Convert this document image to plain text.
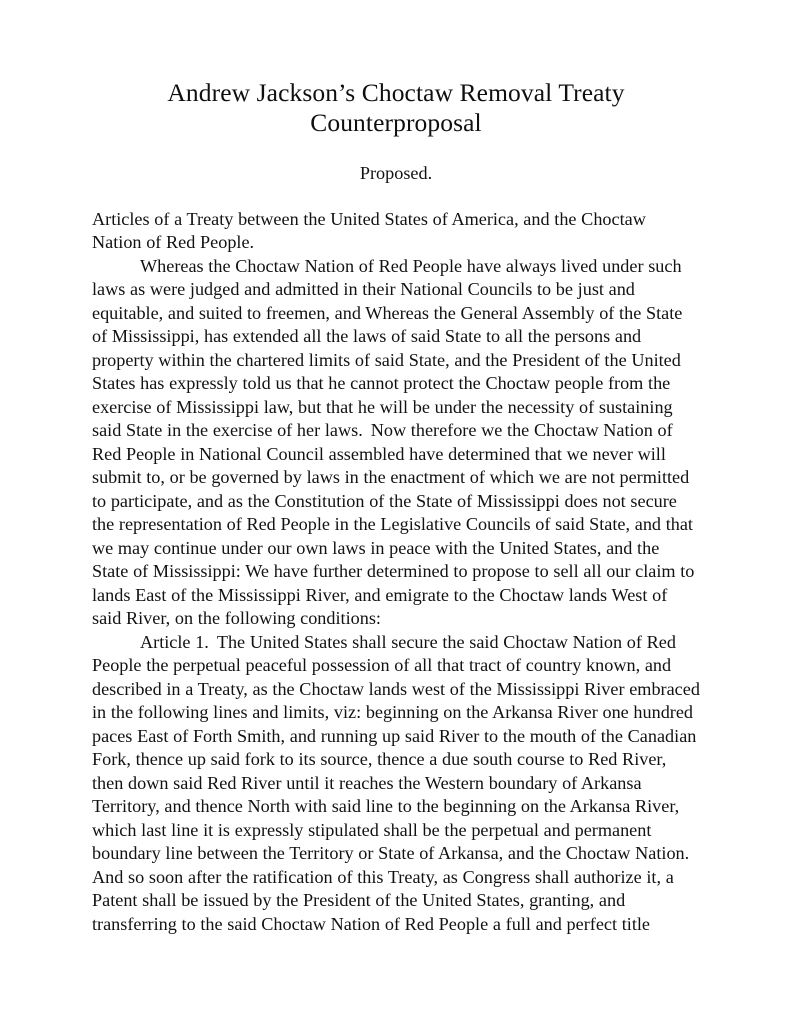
Andrew Jackson’s Choctaw Removal Treaty
Counterproposal
Proposed.

Articles of a Treaty between the United States of America, and the Choctaw Nation of Red People.

Whereas the Choctaw Nation of Red People have always lived under such laws as were judged and admitted in their National Councils to be just and equitable, and suited to freemen, and Whereas the General Assembly of the State of Mississippi, has extended all the laws of said State to all the persons and property within the chartered limits of said State, and the President of the United States has expressly told us that he cannot protect the Choctaw people from the exercise of Mississippi law, but that he will be under the necessity of sustaining said State in the exercise of her laws. Now therefore we the Choctaw Nation of Red People in National Council assembled have determined that we never will submit to, or be governed by laws in the enactment of which we are not permitted to participate, and as the Constitution of the State of Mississippi does not secure the representation of Red People in the Legislative Councils of said State, and that we may continue under our own laws in peace with the United States, and the State of Mississippi: We have further determined to propose to sell all our claim to lands East of the Mississippi River, and emigrate to the Choctaw lands West of said River, on the following conditions:

Article 1. The United States shall secure the said Choctaw Nation of Red People the perpetual peaceful possession of all that tract of country known, and described in a Treaty, as the Choctaw lands west of the Mississippi River embraced in the following lines and limits, viz: beginning on the Arkansa River one hundred paces East of Forth Smith, and running up said River to the mouth of the Canadian Fork, thence up said fork to its source, thence a due south course to Red River, then down said Red River until it reaches the Western boundary of Arkansa Territory, and thence North with said line to the beginning on the Arkansa River, which last line it is expressly stipulated shall be the perpetual and permanent boundary line between the Territory or State of Arkansa, and the Choctaw Nation.And so soon after the ratification of this Treaty, as Congress shall authorize it, a Patent shall be issued by the President of the United States, granting, and transferring to the said Choctaw Nation of Red People a full and perfect title
